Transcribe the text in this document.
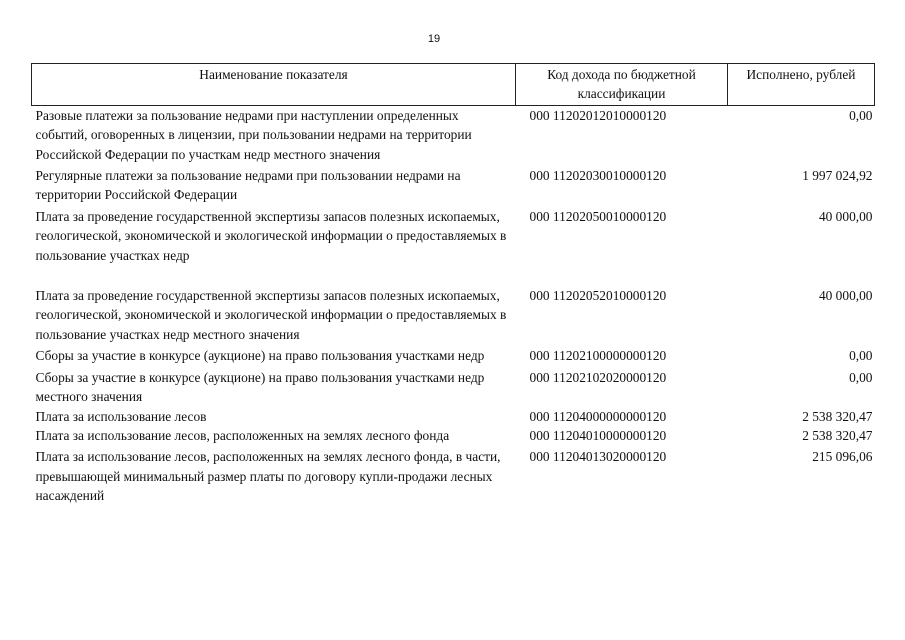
19
Наименование показателя	Код дохода по бюджетной классификации	Исполнено, рублей
Разовые платежи за пользование недрами при наступлении определенных событий, оговоренных в лицензии, при пользовании недрами на территории Российской Федерации по участкам недр местного значения	000 11202012010000120	0,00
Регулярные платежи за пользование недрами при пользовании недрами на территории Российской Федерации	000 11202030010000120	1 997 024,92
Плата за проведение государственной экспертизы запасов полезных ископаемых, геологической, экономической и экологической информации о предоставляемых в пользование участках недр	000 11202050010000120	40 000,00
Плата за проведение государственной экспертизы запасов полезных ископаемых, геологической, экономической и экологической информации о предоставляемых в пользование участках недр местного значения	000 11202052010000120	40 000,00
Сборы за участие в конкурсе (аукционе) на право пользования участками недр	000 11202100000000120	0,00
Сборы за участие в конкурсе (аукционе) на право пользования участками недр местного значения	000 11202102020000120	0,00
Плата за использование лесов	000 11204000000000120	2 538 320,47
Плата за использование лесов, расположенных на землях лесного фонда	000 11204010000000120	2 538 320,47
Плата за использование лесов, расположенных на землях лесного фонда, в части, превышающей минимальный размер платы по договору купли-продажи лесных насаждений	000 11204013020000120	215 096,06
